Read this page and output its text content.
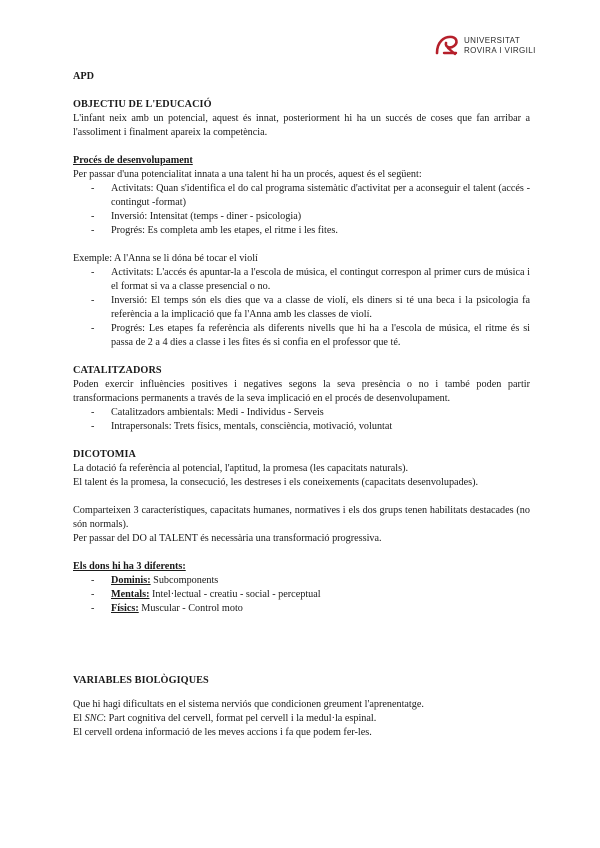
UNIVERSITAT
ROVIRA I VIRGILI
APD
OBJECTIU DE L'EDUCACIÓ

L'infant neix amb un potencial, aquest és innat, posteriorment hi ha un succés de coses que fan arribar a l'assoliment i finalment apareix la competència.

Procés de desenvolupament

Per passar d'una potencialitat innata a una talent hi ha un procés, aquest és el següent:

- Activitats: Quan s'identifica el do cal programa sistemàtic d'activitat per a aconseguir el talent (accés - contingut -format)
- Inversió: Intensitat (temps - diner - psicologia)
- Progrés: Es completa amb les etapes, el ritme i les fites.

Exemple: A l'Anna se li dóna bé tocar el violí

- Activitats: L'accés és apuntar-la a l'escola de música, el contingut correspon al primer curs de música i el format si va a classe presencial o no.
- Inversió: El temps són els dies que va a classe de violí, els diners si té una beca i la psicologia fa referència a la implicació que fa l'Anna amb les classes de violí.
- Progrés: Les etapes fa referència als diferents nivells que hi ha a l'escola de música, el ritme és si passa de 2 a 4 dies a classe i les fites és si confia en el professor que té.
CATALITZADORS

Poden exercir influències positives i negatives segons la seva presència o no i també poden partir transformacions permanents a través de la seva implicació en el procés de desenvolupament.

- Catalitzadors ambientals: Medi - Individus - Serveis
- Intrapersonals: Trets físics, mentals, consciència, motivació, voluntat
DICOTOMIA

La dotació fa referència al potencial, l'aptitud, la promesa (les capacitats naturals).

El talent és la promesa, la consecució, les destreses i els coneixements (capacitats desenvolupades).

Comparteixen 3 característiques, capacitats humanes, normatives i els dos grups tenen habilitats destacades (no són normals).

Per passar del DO al TALENT és necessària una transformació progressiva.

Els dons hi ha 3 diferents:
- Dominis: Subcomponents
- Mentals: Intel·lectual - creatiu - social - perceptual
- Físics: Muscular - Control moto
VARIABLES BIOLÒGIQUES

Que hi hagi dificultats en el sistema nerviós que condicionen greument l'aprenentatge.

El SNC: Part cognitiva del cervell, format pel cervell i la medul·la espinal.

El cervell ordena informació de les meves accions i fa que podem fer-les.
